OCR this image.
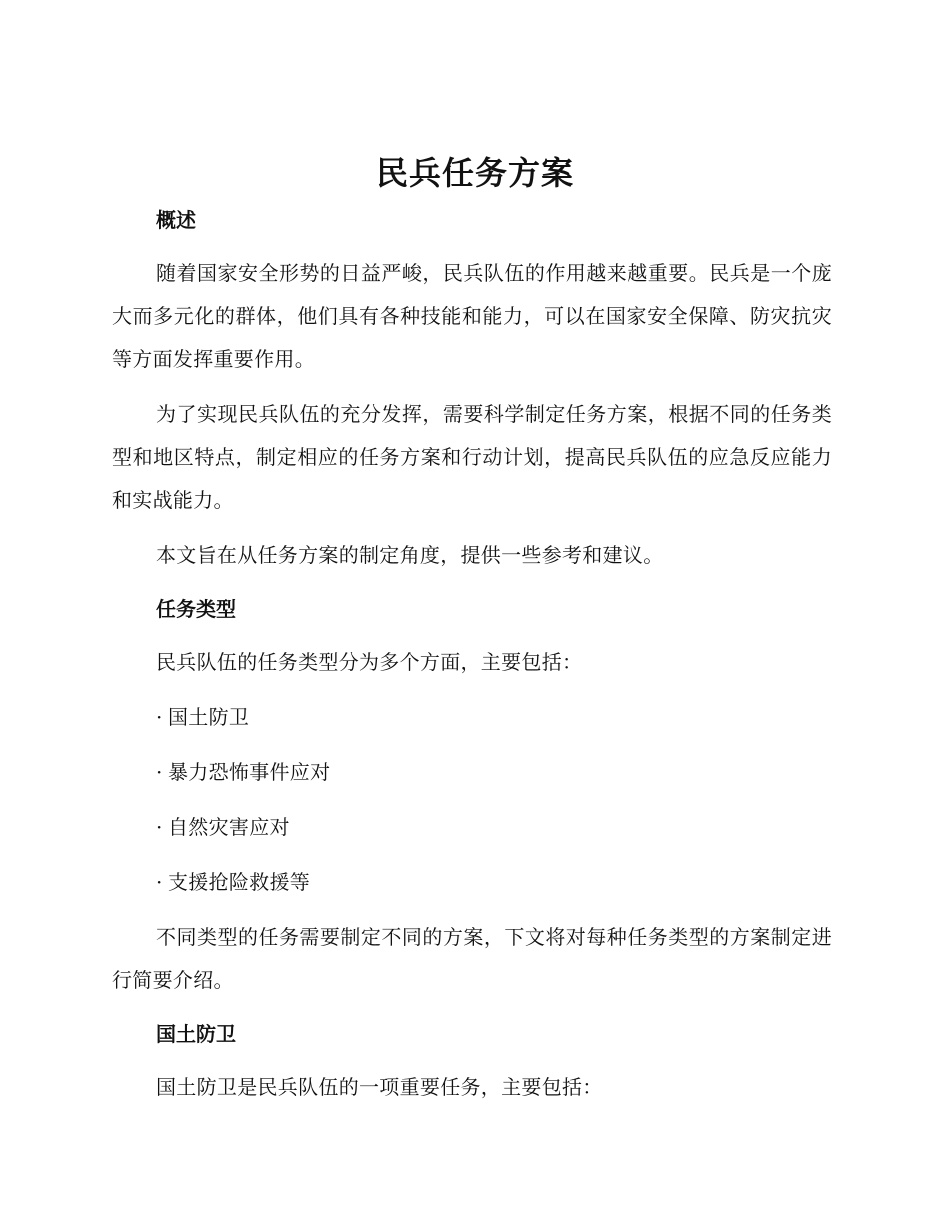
民兵任务方案
概述

随着国家安全形势的日益严峻，民兵队伍的作用越来越重要。民兵是一个庞大而多元化的群体，他们具有各种技能和能力，可以在国家安全保障、防灾抗灾等方面发挥重要作用。

为了实现民兵队伍的充分发挥，需要科学制定任务方案，根据不同的任务类型和地区特点，制定相应的任务方案和行动计划，提高民兵队伍的应急反应能力和实战能力。

本文旨在从任务方案的制定角度，提供一些参考和建议。

任务类型

民兵队伍的任务类型分为多个方面，主要包括：

· 国土防卫
· 暴力恐怖事件应对
· 自然灾害应对
· 支援抢险救援等

不同类型的任务需要制定不同的方案，下文将对每种任务类型的方案制定进行简要介绍。

国土防卫

国土防卫是民兵队伍的一项重要任务，主要包括：
